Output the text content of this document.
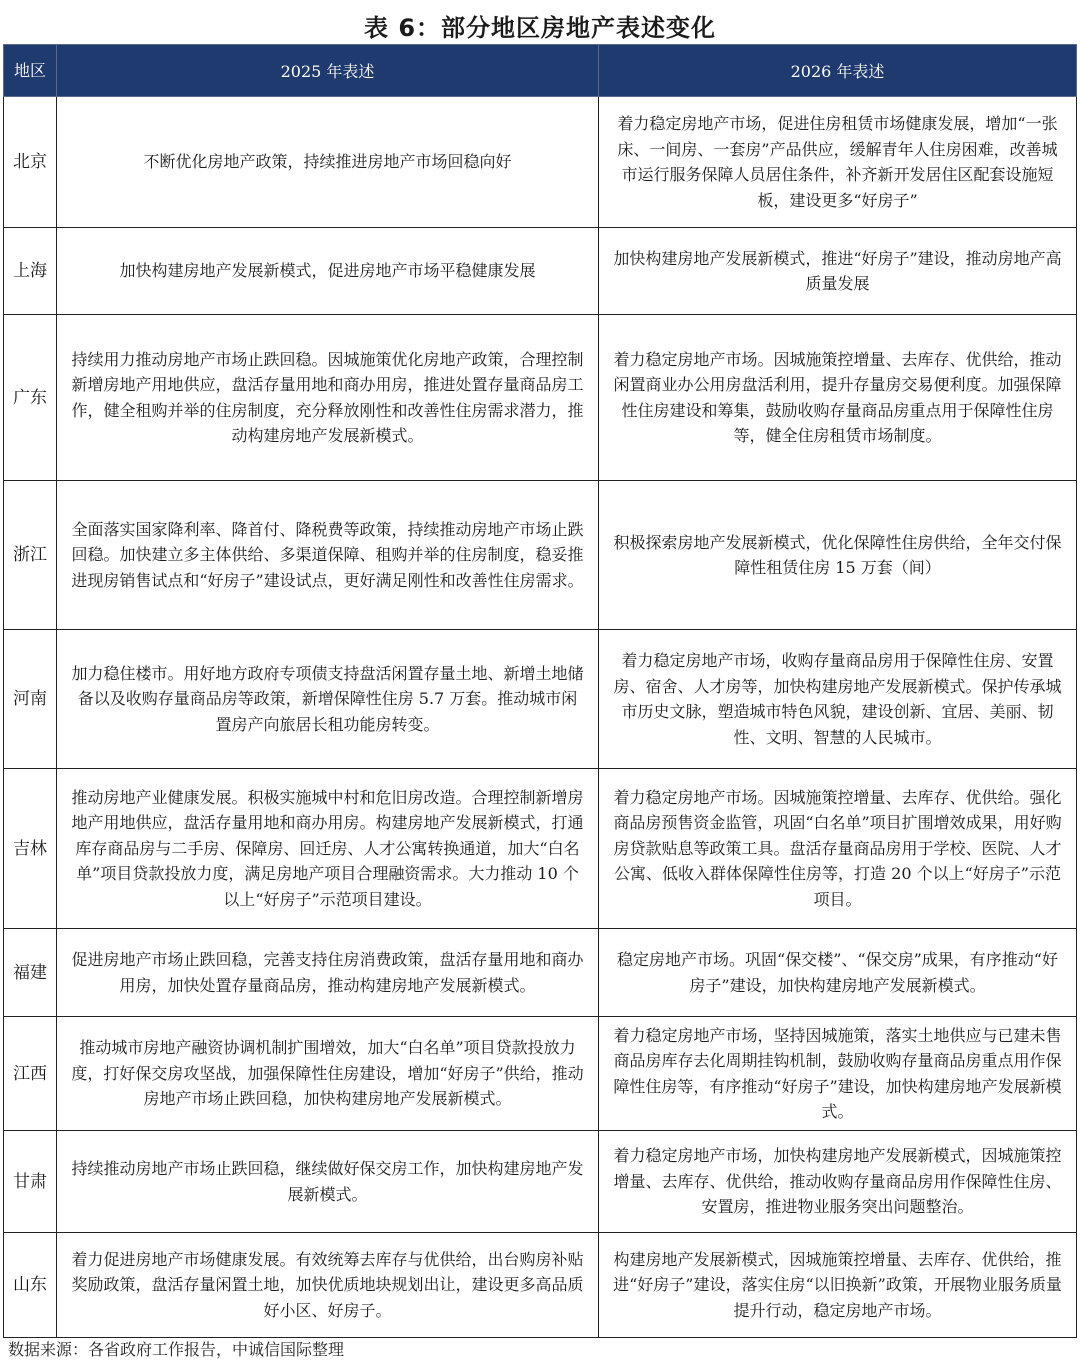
表 6：部分地区房地产表述变化
地区	2025 年表述	2026 年表述
北京	不断优化房地产政策，持续推进房地产市场回稳向好	着力稳定房地产市场，促进住房租赁市场健康发展，增加“一张床、一间房、一套房”产品供应，缓解青年人住房困难，改善城市运行服务保障人员居住条件，补齐新开发居住区配套设施短板，建设更多“好房子”
上海	加快构建房地产发展新模式，促进房地产市场平稳健康发展	加快构建房地产发展新模式，推进“好房子”建设，推动房地产高质量发展
广东	持续用力推动房地产市场止跌回稳。因城施策优化房地产政策，合理控制新增房地产用地供应，盘活存量用地和商办用房，推进处置存量商品房工作，健全租购并举的住房制度，充分释放刚性和改善性住房需求潜力，推动构建房地产发展新模式。	着力稳定房地产市场。因城施策控增量、去库存、优供给，推动闲置商业办公用房盘活利用，提升存量房交易便利度。加强保障性住房建设和筹集，鼓励收购存量商品房重点用于保障性住房等，健全住房租赁市场制度。
浙江	全面落实国家降利率、降首付、降税费等政策，持续推动房地产市场止跌回稳。加快建立多主体供给、多渠道保障、租购并举的住房制度，稳妥推进现房销售试点和“好房子”建设试点，更好满足刚性和改善性住房需求。	积极探索房地产发展新模式，优化保障性住房供给，全年交付保障性租赁住房 15 万套（间）
河南	加力稳住楼市。用好地方政府专项债支持盘活闲置存量土地、新增土地储备以及收购存量商品房等政策，新增保障性住房 5.7 万套。推动城市闲置房产向旅居长租功能房转变。	着力稳定房地产市场，收购存量商品房用于保障性住房、安置房、宿舍、人才房等，加快构建房地产发展新模式。保护传承城市历史文脉，塑造城市特色风貌，建设创新、宜居、美丽、韧性、文明、智慧的人民城市。
吉林	推动房地产业健康发展。积极实施城中村和危旧房改造。合理控制新增房地产用地供应，盘活存量用地和商办用房。构建房地产发展新模式，打通库存商品房与二手房、保障房、回迁房、人才公寓转换通道，加大“白名单”项目贷款投放力度，满足房地产项目合理融资需求。大力推动 10 个以上“好房子”示范项目建设。	着力稳定房地产市场。因城施策控增量、去库存、优供给。强化商品房预售资金监管，巩固“白名单”项目扩围增效成果，用好购房贷款贴息等政策工具。盘活存量商品房用于学校、医院、人才公寓、低收入群体保障性住房等，打造 20 个以上“好房子”示范项目。
福建	促进房地产市场止跌回稳，完善支持住房消费政策，盘活存量用地和商办用房，加快处置存量商品房，推动构建房地产发展新模式。	稳定房地产市场。巩固“保交楼”、“保交房”成果，有序推动“好房子”建设，加快构建房地产发展新模式。
江西	推动城市房地产融资协调机制扩围增效，加大“白名单”项目贷款投放力度，打好保交房攻坚战，加强保障性住房建设，增加“好房子”供给，推动房地产市场止跌回稳，加快构建房地产发展新模式。	着力稳定房地产市场，坚持因城施策，落实土地供应与已建未售商品房库存去化周期挂钩机制，鼓励收购存量商品房重点用作保障性住房等，有序推动“好房子”建设，加快构建房地产发展新模式。
甘肃	持续推动房地产市场止跌回稳，继续做好保交房工作，加快构建房地产发展新模式。	着力稳定房地产市场，加快构建房地产发展新模式，因城施策控增量、去库存、优供给，推动收购存量商品房用作保障性住房、安置房，推进物业服务突出问题整治。
山东	着力促进房地产市场健康发展。有效统筹去库存与优供给，出台购房补贴奖励政策，盘活存量闲置土地，加快优质地块规划出让，建设更多高品质好小区、好房子。	构建房地产发展新模式，因城施策控增量、去库存、优供给，推进“好房子”建设，落实住房“以旧换新”政策，开展物业服务质量提升行动，稳定房地产市场。
数据来源：各省政府工作报告，中诚信国际整理
